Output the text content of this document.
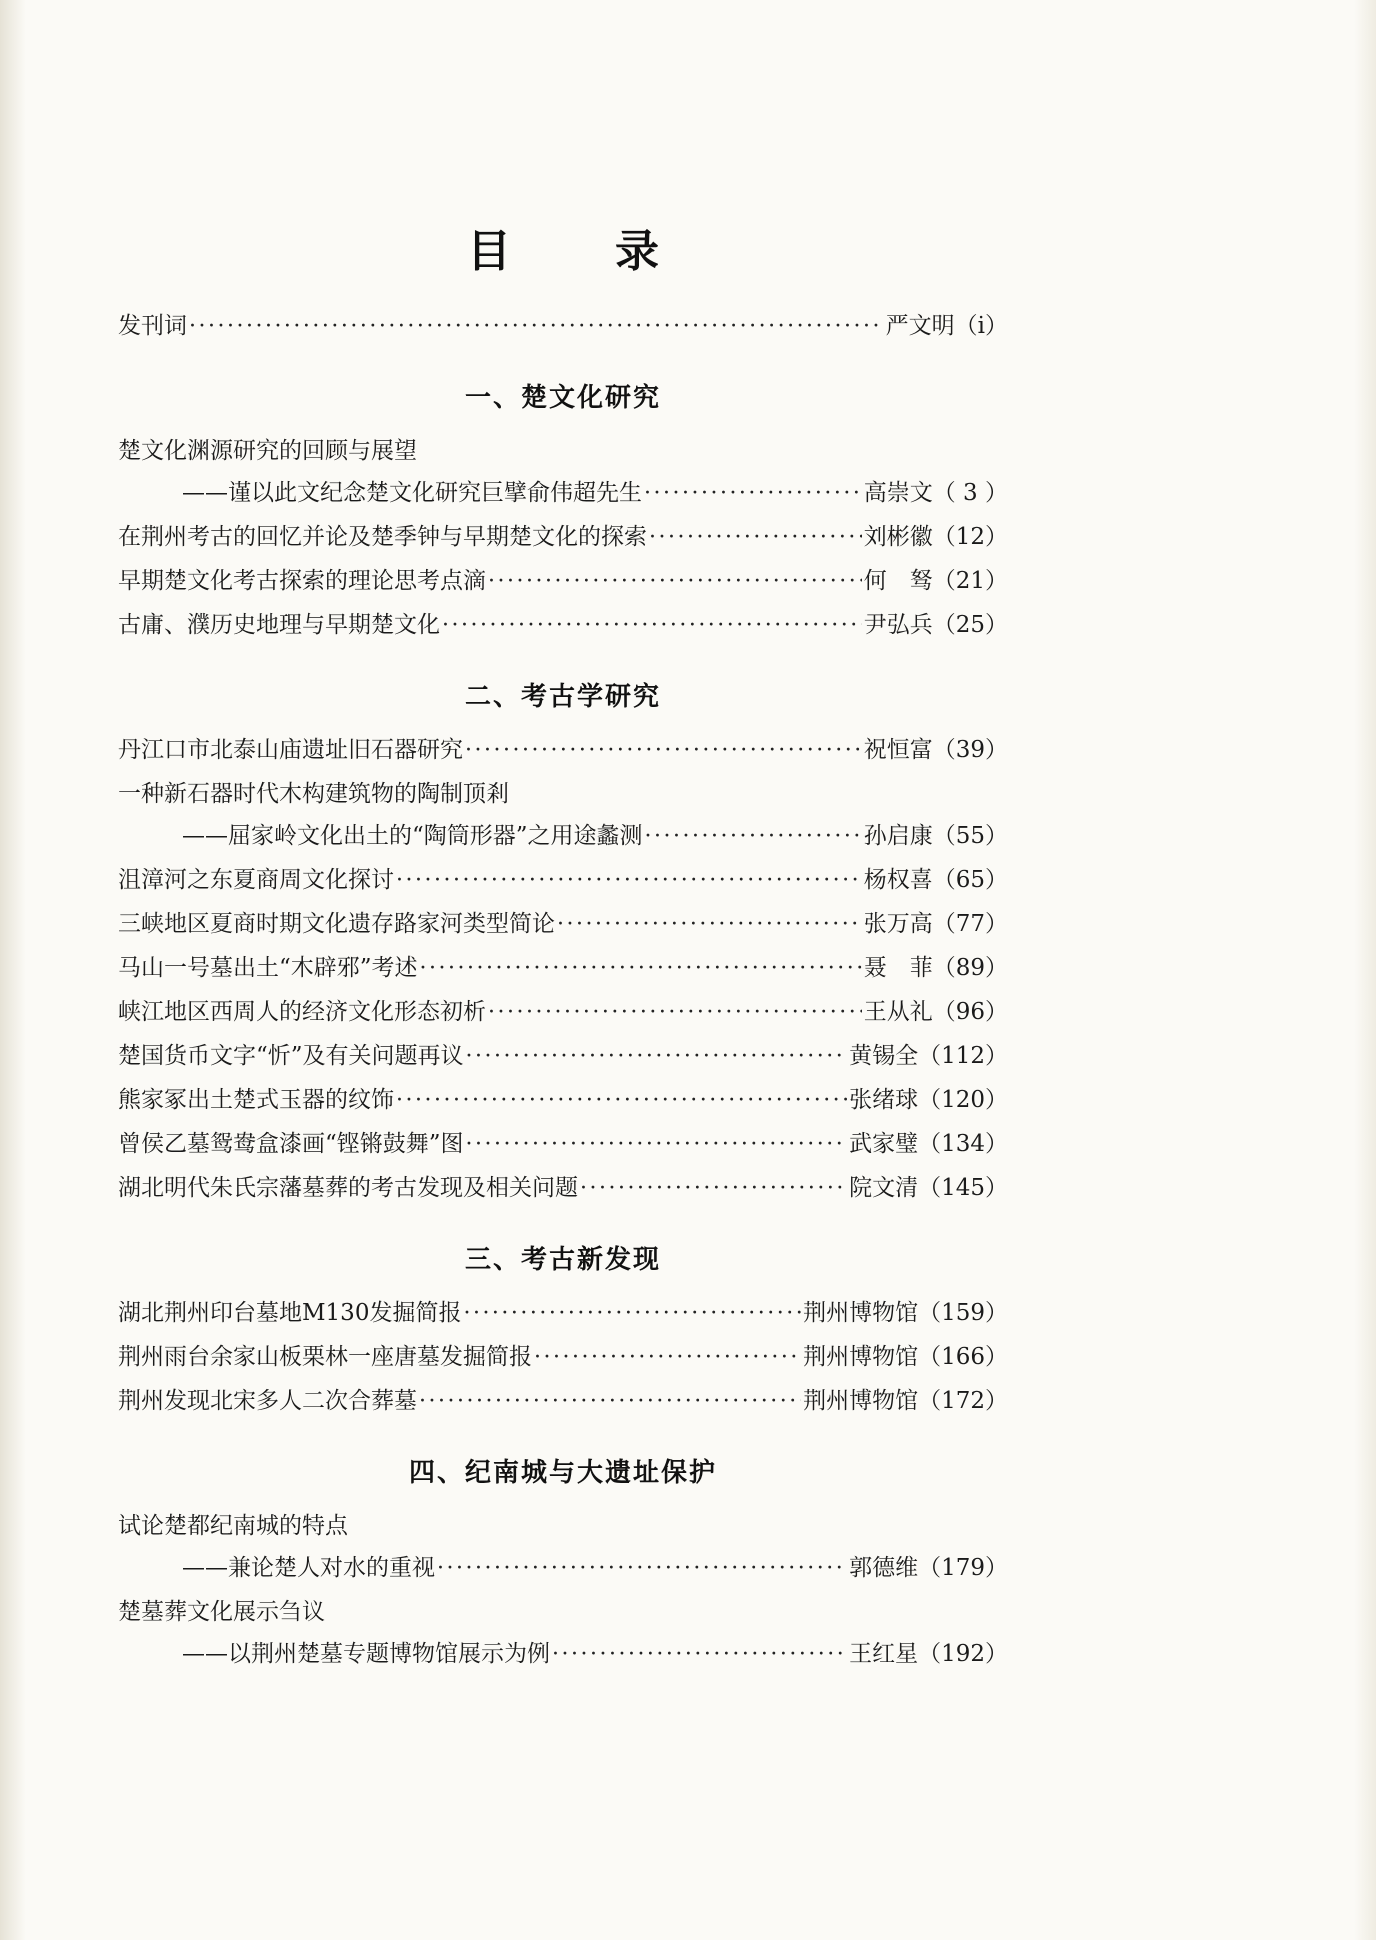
目　录
发刊词 ·····	严文明（ⅰ）
一、楚文化研究
楚文化渊源研究的回顾与展望
——谨以此文纪念楚文化研究巨擘俞伟超先生 ·····	高崇文（ 3 ）
在荆州考古的回忆并论及楚季钟与早期楚文化的探索 ·····	刘彬徽（12）
早期楚文化考古探索的理论思考点滴 ·····	何　驽（21）
古庸、濮历史地理与早期楚文化 ·····	尹弘兵（25）
二、考古学研究
丹江口市北泰山庙遗址旧石器研究 ·····	祝恒富（39）
一种新石器时代木构建筑物的陶制顶剎
——屈家岭文化出土的“陶筒形器”之用途蠡测 ·····	孙启康（55）
沮漳河之东夏商周文化探讨 ·····	杨权喜（65）
三峡地区夏商时期文化遗存路家河类型简论 ·····	张万高（77）
马山一号墓出土“木辟邪”考述 ·····	聂　菲（89）
峡江地区西周人的经济文化形态初析 ·····	王从礼（96）
楚国货币文字“忻”及有关问题再议 ·····	黄锡全（112）
熊家冢出土楚式玉器的纹饰 ·····	张绪球（120）
曾侯乙墓鸳鸯盒漆画“铿锵鼓舞”图 ·····	武家璧（134）
湖北明代朱氏宗藩墓葬的考古发现及相关问题 ·····	院文清（145）
三、考古新发现
湖北荆州印台墓地M130发掘简报 ·····	荆州博物馆（159）
荆州雨台余家山板栗林一座唐墓发掘简报 ·····	荆州博物馆（166）
荆州发现北宋多人二次合葬墓 ·····	荆州博物馆（172）
四、纪南城与大遗址保护
试论楚都纪南城的特点
——兼论楚人对水的重视 ·····	郭德维（179）
楚墓葬文化展示刍议
——以荆州楚墓专题博物馆展示为例 ·····	王红星（192）
